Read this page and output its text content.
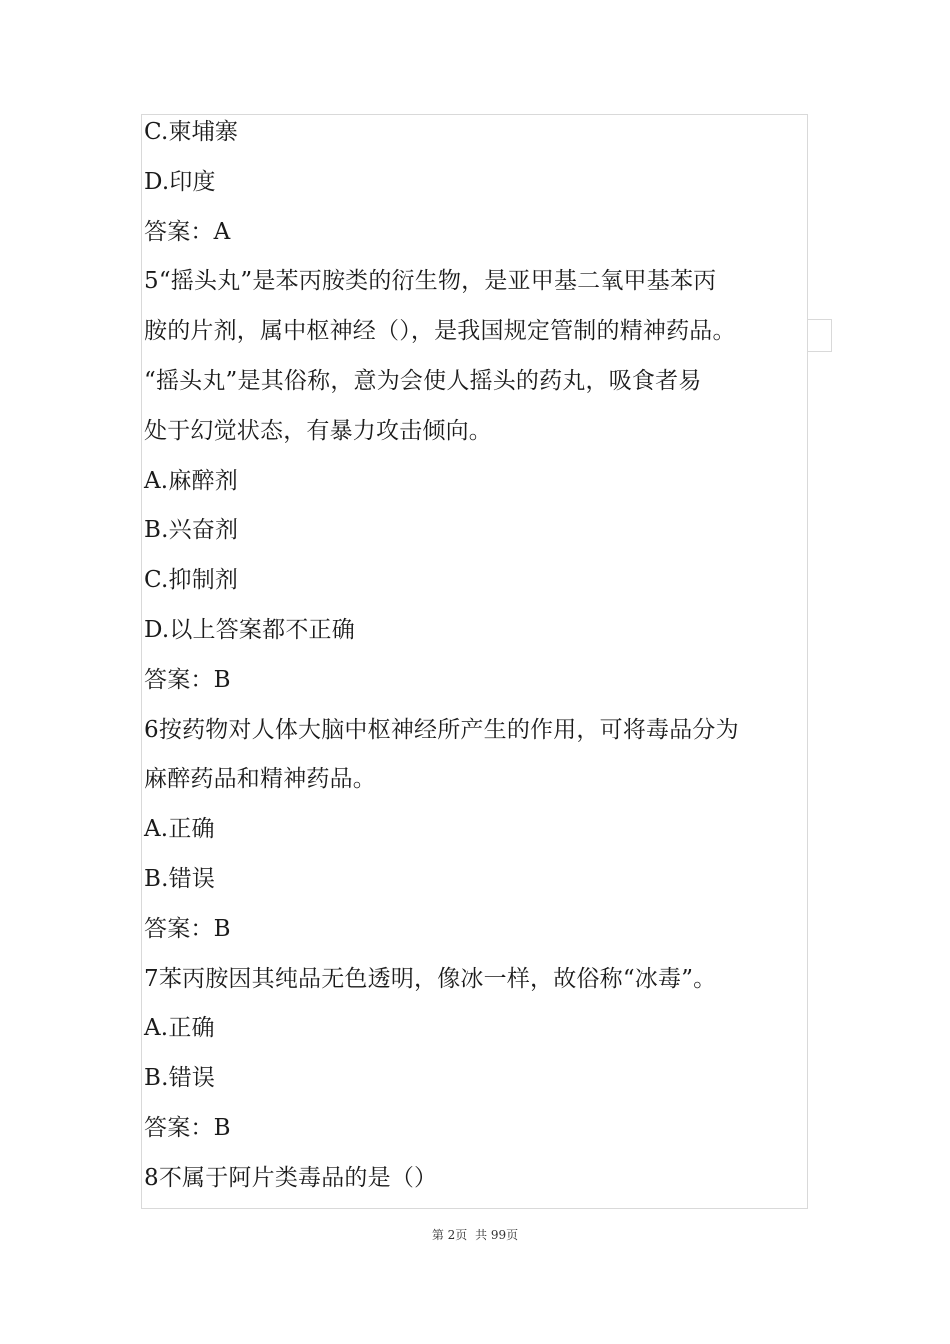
C.柬埔寨
D.印度
答案：A
5“摇头丸”是苯丙胺类的衍生物，是亚甲基二氧甲基苯丙
胺的片剂，属中枢神经（），是我国规定管制的精神药品。
“摇头丸”是其俗称，意为会使人摇头的药丸，吸食者易
处于幻觉状态，有暴力攻击倾向。
A.麻醉剂
B.兴奋剂
C.抑制剂
D.以上答案都不正确
答案：B
6按药物对人体大脑中枢神经所产生的作用，可将毒品分为
麻醉药品和精神药品。
A.正确
B.错误
答案：B
7苯丙胺因其纯品无色透明，像冰一样，故俗称“冰毒”。
A.正确
B.错误
答案：B
8不属于阿片类毒品的是（）
第 2页 共 99页
